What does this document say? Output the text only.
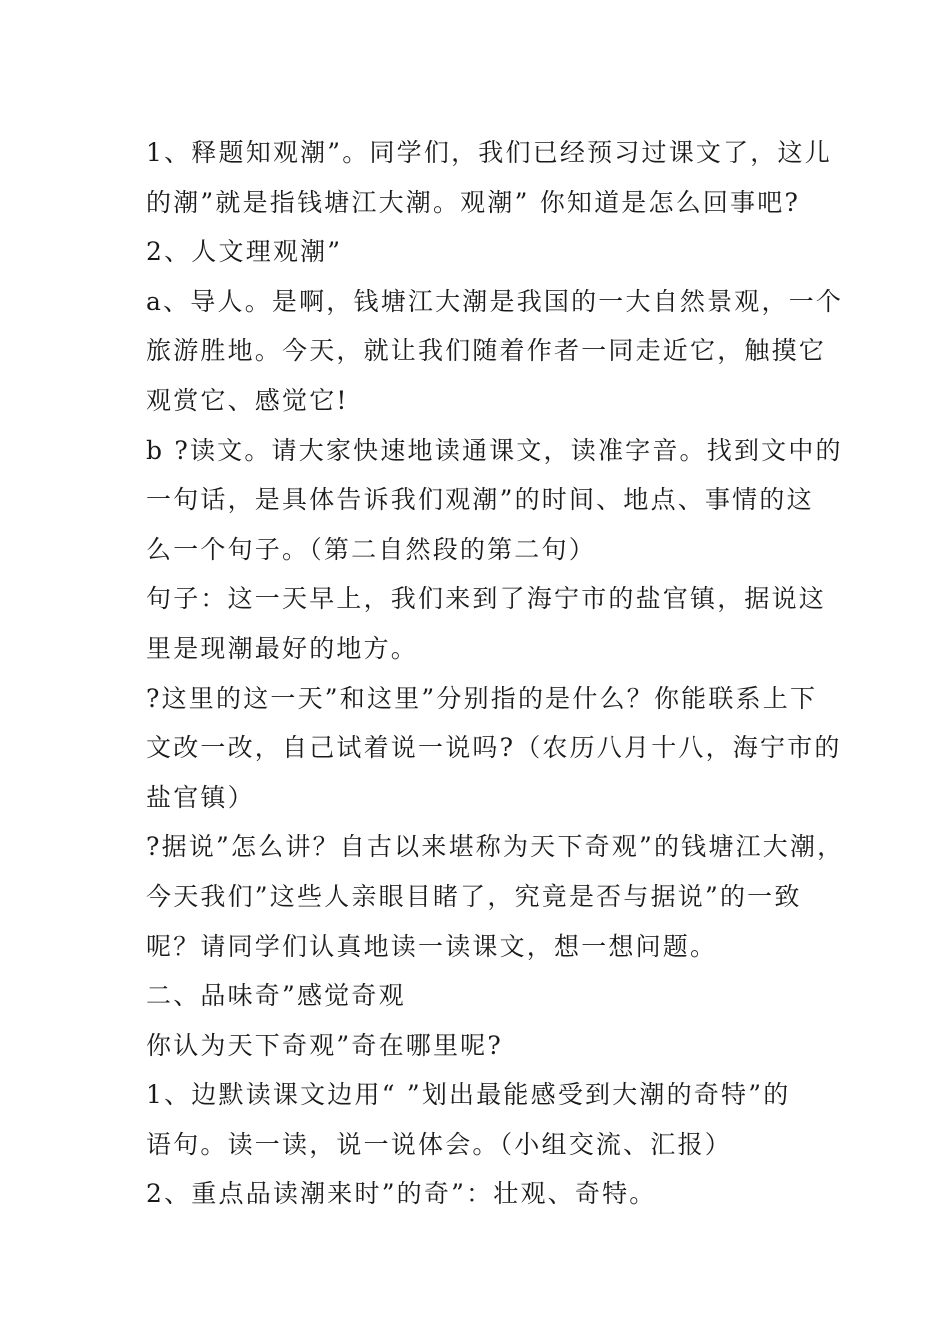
1、释题知观潮”。同学们，我们已经预习过课文了，这儿
的潮”就是指钱塘江大潮。观潮” 你知道是怎么回事吧?
2、人文理观潮”
a、导人。是啊，钱塘江大潮是我国的一大自然景观，一个
旅游胜地。今天，就让我们随着作者一同走近它，触摸它
观赏它、感觉它!
b ?读文。请大家快速地读通课文，读准字音。找到文中的
一句话，是具体告诉我们观潮”的时间、地点、事情的这
么一个句子。（第二自然段的第二句）
句子：这一天早上，我们来到了海宁市的盐官镇，据说这
里是现潮最好的地方。
?这里的这一天”和这里”分别指的是什么？你能联系上下
文改一改，自己试着说一说吗?（农历八月十八，海宁市的
盐官镇）
?据说”怎么讲？自古以来堪称为天下奇观”的钱塘江大潮，
今天我们”这些人亲眼目睹了，究竟是否与据说”的一致
呢？请同学们认真地读一读课文，想一想问题。
二、品味奇”感觉奇观
你认为天下奇观”奇在哪里呢?
1、边默读课文边用“ ”划出最能感受到大潮的奇特”的
语句。读一读，说一说体会。（小组交流、汇报）
2、重点品读潮来时”的奇”：壮观、奇特。
